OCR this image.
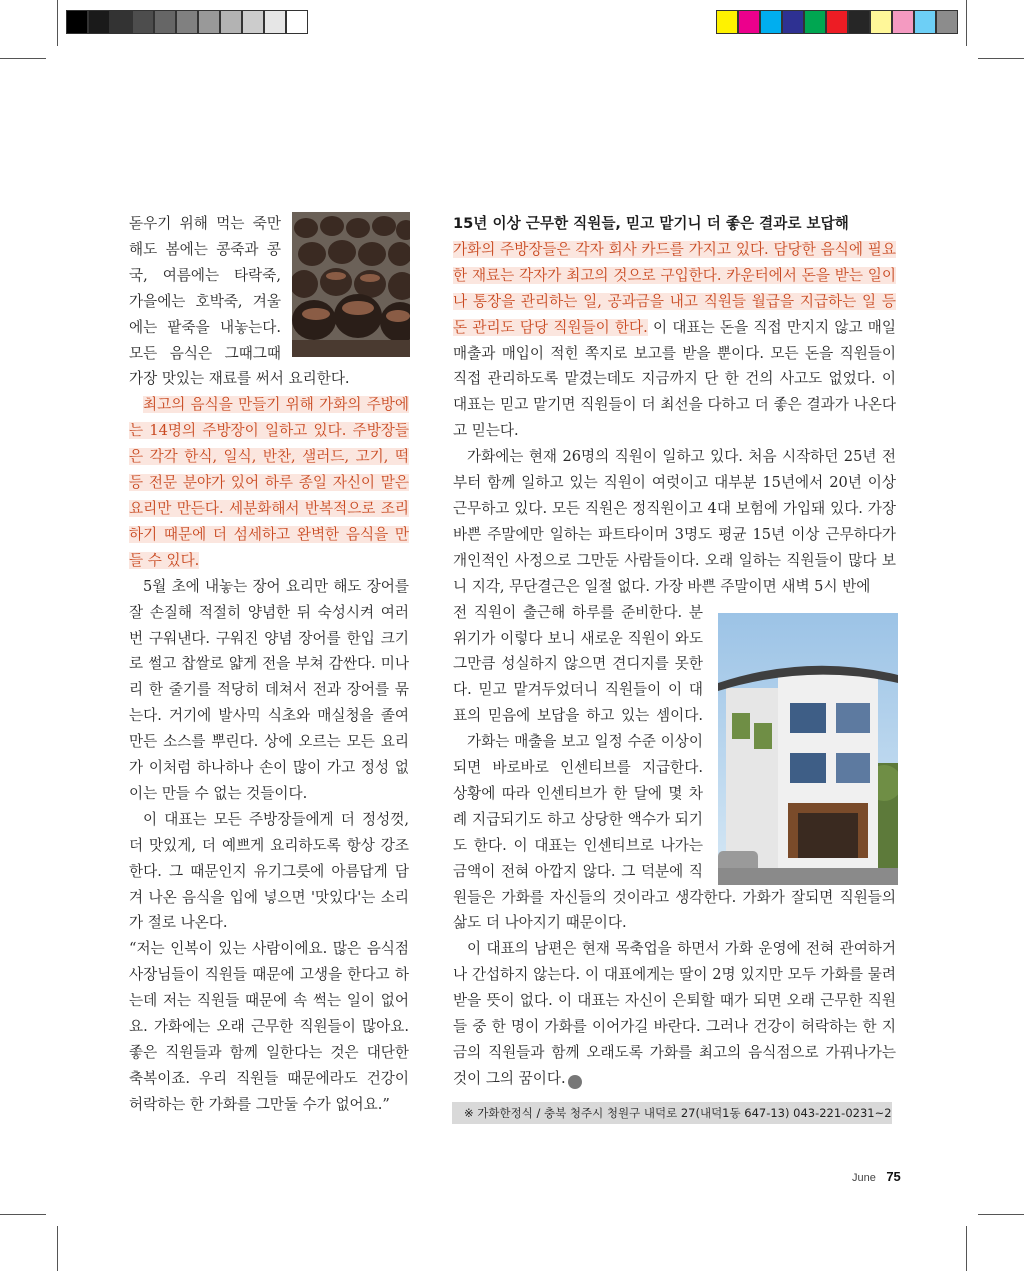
돋우기 위해 먹는 죽만

해도 봄에는 콩죽과 콩

국, 여름에는 타락죽,

가을에는 호박죽, 겨울

에는 팥죽을 내놓는다.

모든 음식은 그때그때

가장 맛있는 재료를 써서 요리한다.

최고의 음식을 만들기 위해 가화의 주방에는 14명의 주방장이 일하고 있다. 주방장들은 각각 한식, 일식, 반찬, 샐러드, 고기, 떡 등 전문 분야가 있어 하루 종일 자신이 맡은 요리만 만든다. 세분화해서 반복적으로 조리하기 때문에 더 섬세하고 완벽한 음식을 만들 수 있다.

5월 초에 내놓는 장어 요리만 해도 장어를 잘 손질해 적절히 양념한 뒤 숙성시켜 여러 번 구워낸다. 구워진 양념 장어를 한입 크기로 썰고 찹쌀로 얇게 전을 부쳐 감싼다. 미나리 한 줄기를 적당히 데쳐서 전과 장어를 묶는다. 거기에 발사믹 식초와 매실청을 졸여 만든 소스를 뿌린다. 상에 오르는 모든 요리가 이처럼 하나하나 손이 많이 가고 정성 없이는 만들 수 없는 것들이다.

이 대표는 모든 주방장들에게 더 정성껏, 더 맛있게, 더 예쁘게 요리하도록 항상 강조한다. 그 때문인지 유기그릇에 아름답게 담겨 나온 음식을 입에 넣으면 '맛있다'는 소리가 절로 나온다.

“저는 인복이 있는 사람이에요. 많은 음식점 사장님들이 직원들 때문에 고생을 한다고 하는데 저는 직원들 때문에 속 썩는 일이 없어요. 가화에는 오래 근무한 직원들이 많아요. 좋은 직원들과 함께 일한다는 것은 대단한 축복이죠. 우리 직원들 때문에라도 건강이 허락하는 한 가화를 그만둘 수가 없어요.”

15년 이상 근무한 직원들, 믿고 맡기니 더 좋은 결과로 보답해

가화의 주방장들은 각자 회사 카드를 가지고 있다. 담당한 음식에 필요한 재료는 각자가 최고의 것으로 구입한다. 카운터에서 돈을 받는 일이나 통장을 관리하는 일, 공과금을 내고 직원들 월급을 지급하는 일 등 돈 관리도 담당 직원들이 한다. 이 대표는 돈을 직접 만지지 않고 매일 매출과 매입이 적힌 쪽지로 보고를 받을 뿐이다. 모든 돈을 직원들이 직접 관리하도록 맡겼는데도 지금까지 단 한 건의 사고도 없었다. 이 대표는 믿고 맡기면 직원들이 더 최선을 다하고 더 좋은 결과가 나온다고 믿는다.

가화에는 현재 26명의 직원이 일하고 있다. 처음 시작하던 25년 전부터 함께 일하고 있는 직원이 여럿이고 대부분 15년에서 20년 이상 근무하고 있다. 모든 직원은 정직원이고 4대 보험에 가입돼 있다. 가장 바쁜 주말에만 일하는 파트타이머 3명도 평균 15년 이상 근무하다가 개인적인 사정으로 그만둔 사람들이다. 오래 일하는 직원들이 많다 보니 지각, 무단결근은 일절 없다. 가장 바쁜 주말이면 새벽 5시 반에

전 직원이 출근해 하루를 준비한다. 분

위기가 이렇다 보니 새로운 직원이 와도

그만큼 성실하지 않으면 견디지를 못한

다. 믿고 맡겨두었더니 직원들이 이 대

표의 믿음에 보답을 하고 있는 셈이다.

가화는 매출을 보고 일정 수준 이상이

되면 바로바로 인센티브를 지급한다.

상황에 따라 인센티브가 한 달에 몇 차

례 지급되기도 하고 상당한 액수가 되기

도 한다. 이 대표는 인센티브로 나가는

금액이 전혀 아깝지 않다. 그 덕분에 직

원들은 가화를 자신들의 것이라고 생각한다. 가화가 잘되면 직원들의 삶도 더 나아지기 때문이다.

이 대표의 남편은 현재 목축업을 하면서 가화 운영에 전혀 관여하거나 간섭하지 않는다. 이 대표에게는 딸이 2명 있지만 모두 가화를 물려받을 뜻이 없다. 이 대표는 자신이 은퇴할 때가 되면 오래 근무한 직원들 중 한 명이 가화를 이어가길 바란다. 그러나 건강이 허락하는 한 지금의 직원들과 함께 오래도록 가화를 최고의 음식점으로 가꿔나가는 것이 그의 꿈이다. f

※ 가화한정식 / 충북 청주시 청원구 내덕로 27(내덕1동 647-13) 043-221-0231~2
June 75
